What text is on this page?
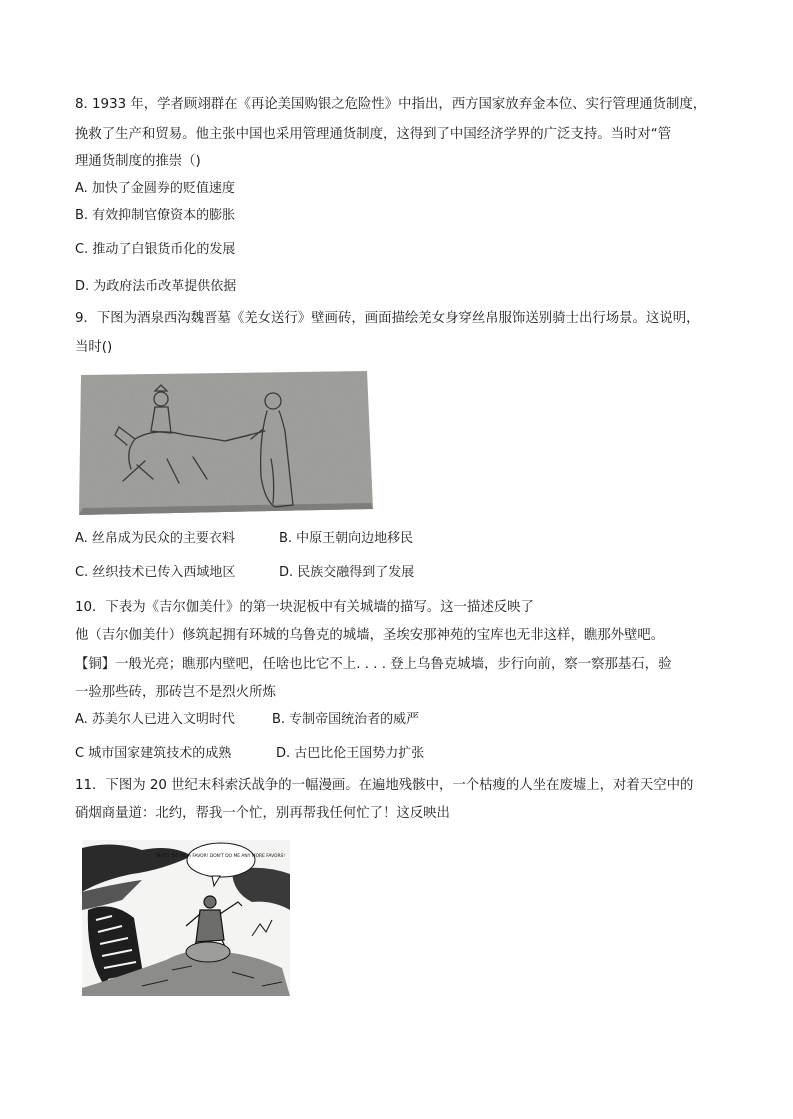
8. 1933 年，学者顾翊群在《再论美国购银之危险性》中指出，西方国家放弃金本位、实行管理通货制度，
挽救了生产和贸易。他主张中国也采用管理通货制度，这得到了中国经济学界的广泛支持。当时对“管
理通货制度的推崇（)
A. 加快了金圆券的贬值速度
B. 有效抑制官僚资本的膨胀
C. 推动了白银货币化的发展
D. 为政府法币改革提供依据
9．下图为酒泉西沟魏晋墓《羌女送行》壁画砖，画面描绘羌女身穿丝帛服饰送别骑士出行场景。这说明，
当时()
A. 丝帛成为民众的主要衣料	B. 中原王朝向边地移民
C. 丝织技术已传入西域地区	D. 民族交融得到了发展
10．下表为《吉尔伽美什》的第一块泥板中有关城墙的描写。这一描述反映了
他（吉尔伽美什）修筑起拥有环城的乌鲁克的城墙，圣埃安那神苑的宝库也无非这样，瞧那外壁吧。
【铜】一般光亮；瞧那内壁吧，任啥也比它不上. . . . 登上乌鲁克城墙，步行向前，察一察那基石，验
一验那些砖，那砖岂不是烈火所炼
A. 苏美尔人已进入文明时代	B. 专制帝国统治者的威严
C 城市国家建筑技术的成熟	D. 古巴比伦王国势力扩张
11．下图为 20 世纪末科索沃战争的一幅漫画。在遍地残骸中，一个枯瘦的人坐在废墟上，对着天空中的
硝烟商量道：北约，帮我一个忙，别再帮我任何忙了！这反映出
NATO, DO ME A FAVOR! DON'T DO ME ANY MORE FAVORS!
